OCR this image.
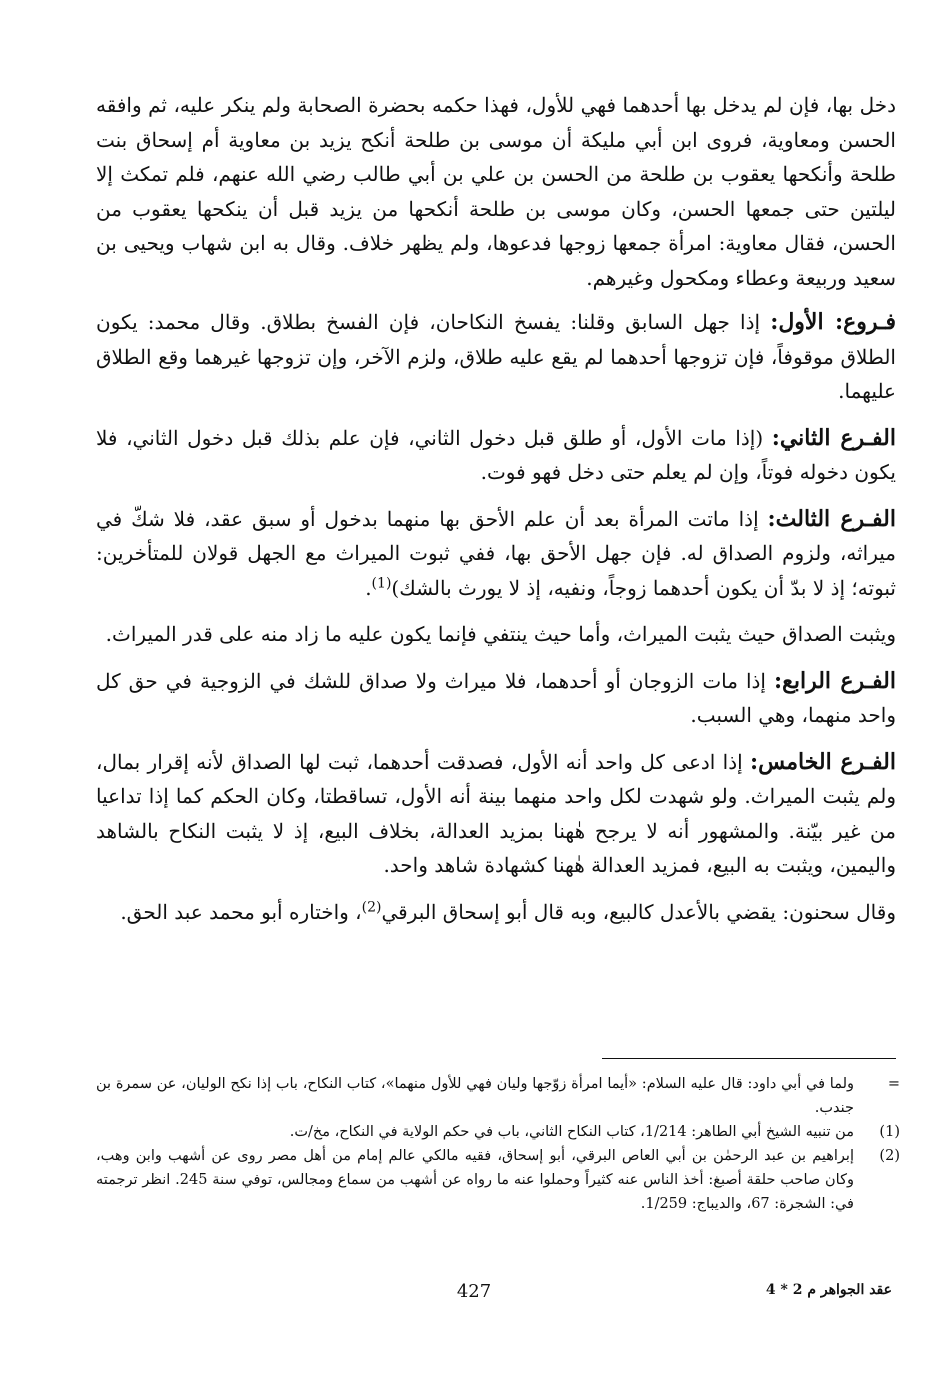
دخل بها، فإن لم يدخل بها أحدهما فهي للأول، فهذا حكمه بحضرة الصحابة ولم ينكر عليه، ثم وافقه الحسن ومعاوية، فروى ابن أبي مليكة أن موسى بن طلحة أنكح يزيد بن معاوية أم إسحاق بنت طلحة وأنكحها يعقوب بن طلحة من الحسن بن علي بن أبي طالب رضي الله عنهم، فلم تمكث إلا ليلتين حتى جمعها الحسن، وكان موسى بن طلحة أنكحها من يزيد قبل أن ينكحها يعقوب من الحسن، فقال معاوية: امرأة جمعها زوجها فدعوها، ولم يظهر خلاف. وقال به ابن شهاب ويحيى بن سعيد وربيعة وعطاء ومكحول وغيرهم.

فـروع: الأول: إذا جهل السابق وقلنا: يفسخ النكاحان، فإن الفسخ بطلاق. وقال محمد: يكون الطلاق موقوفاً، فإن تزوجها أحدهما لم يقع عليه طلاق، ولزم الآخر، وإن تزوجها غيرهما وقع الطلاق عليهما.

الفـرع الثاني: (إذا مات الأول، أو طلق قبل دخول الثاني، فإن علم بذلك قبل دخول الثاني، فلا يكون دخوله فوتاً، وإن لم يعلم حتى دخل فهو فوت.

الفـرع الثالث: إذا ماتت المرأة بعد أن علم الأحق بها منهما بدخول أو سبق عقد، فلا شكّ في ميراثه، ولزوم الصداق له. فإن جهل الأحق بها، ففي ثبوت الميراث مع الجهل قولان للمتأخرين: ثبوته؛ إذ لا بدّ أن يكون أحدهما زوجاً، ونفيه، إذ لا يورث بالشك)$^{(1)}$.

ويثبت الصداق حيث يثبت الميراث، وأما حيث ينتفي فإنما يكون عليه ما زاد منه على قدر الميراث.

الفـرع الرابع: إذا مات الزوجان أو أحدهما، فلا ميراث ولا صداق للشك في الزوجية في حق كل واحد منهما، وهي السبب.

الفـرع الخامس: إذا ادعى كل واحد أنه الأول، فصدقت أحدهما، ثبت لها الصداق لأنه إقرار بمال، ولم يثبت الميراث. ولو شهدت لكل واحد منهما بينة أنه الأول، تساقطتا، وكان الحكم كما إذا تداعيا من غير بيّنة. والمشهور أنه لا يرجح هٰهنا بمزيد العدالة، بخلاف البيع، إذ لا يثبت النكاح بالشاهد واليمين، ويثبت به البيع، فمزيد العدالة هٰهنا كشهادة شاهد واحد.

وقال سحنون: يقضي بالأعدل كالبيع، وبه قال أبو إسحاق البرقي$^{(2)}$، واختاره أبو محمد عبد الحق.

=
ولما في أبي داود: قال عليه السلام: «أيما امرأة زوّجها وليان فهي للأول منهما»، كتاب النكاح، باب إذا نكح الوليان، عن سمرة بن جندب.
(1)
من تنبيه الشيخ أبي الطاهر: 1/214، كتاب النكاح الثاني، باب في حكم الولاية في النكاح، مخ/ت.
(2)
إبراهيم بن عبد الرحمٰن بن أبي العاص البرقي، أبو إسحاق، فقيه مالكي عالم إمام من أهل مصر روى عن أشهب وابن وهب، وكان صاحب حلقة أصبغ: أخذ الناس عنه كثيراً وحملوا عنه ما رواه عن أشهب من سماع ومجالس، توفي سنة 245. انظر ترجمته في: الشجرة: 67، والديباج: 1/259.
427	عقد الجواهر م 2 * 4
